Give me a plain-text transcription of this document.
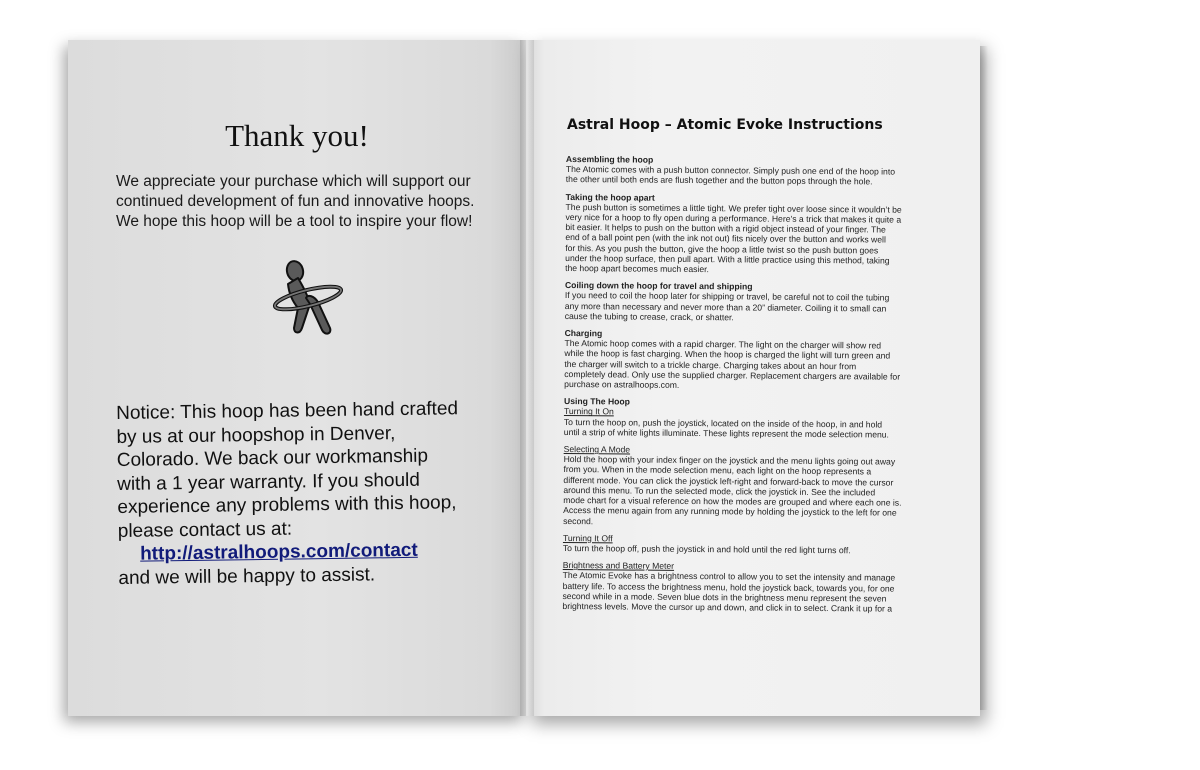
Thank you!
We appreciate your purchase which will support our
continued development of fun and innovative hoops.
We hope this hoop will be a tool to inspire your flow!
Notice: This hoop has been hand crafted
by us at our hoopshop in Denver,
Colorado. We back our workmanship
with a 1 year warranty. If you should
experience any problems with this hoop,
please contact us at:
http://astralhoops.com/contact
and we will be happy to assist.
Astral Hoop – Atomic Evoke Instructions
Assembling the hoop
The Atomic comes with a push button connector. Simply push one end of the hoop into
the other until both ends are flush together and the button pops through the hole.
Taking the hoop apart
The push button is sometimes a little tight. We prefer tight over loose since it wouldn’t be
very nice for a hoop to fly open during a performance. Here’s a trick that makes it quite a
bit easier. It helps to push on the button with a rigid object instead of your finger. The
end of a ball point pen (with the ink not out) fits nicely over the button and works well
for this. As you push the button, give the hoop a little twist so the push button goes
under the hoop surface, then pull apart. With a little practice using this method, taking
the hoop apart becomes much easier.
Coiling down the hoop for travel and shipping
If you need to coil the hoop later for shipping or travel, be careful not to coil the tubing
any more than necessary and never more than a 20” diameter. Coiling it to small can
cause the tubing to crease, crack, or shatter.
Charging
The Atomic hoop comes with a rapid charger. The light on the charger will show red
while the hoop is fast charging. When the hoop is charged the light will turn green and
the charger will switch to a trickle charge. Charging takes about an hour from
completely dead. Only use the supplied charger. Replacement chargers are available for
purchase on astralhoops.com.
Using The Hoop
Turning It On
To turn the hoop on, push the joystick, located on the inside of the hoop, in and hold
until a strip of white lights illuminate. These lights represent the mode selection menu.
Selecting A Mode
Hold the hoop with your index finger on the joystick and the menu lights going out away
from you. When in the mode selection menu, each light on the hoop represents a
different mode. You can click the joystick left-right and forward-back to move the cursor
around this menu. To run the selected mode, click the joystick in. See the included
mode chart for a visual reference on how the modes are grouped and where each one is.
Access the menu again from any running mode by holding the joystick to the left for one
second.
Turning It Off
To turn the hoop off, push the joystick in and hold until the red light turns off.
Brightness and Battery Meter
The Atomic Evoke has a brightness control to allow you to set the intensity and manage
battery life. To access the brightness menu, hold the joystick back, towards you, for one
second while in a mode. Seven blue dots in the brightness menu represent the seven
brightness levels. Move the cursor up and down, and click in to select. Crank it up for a
